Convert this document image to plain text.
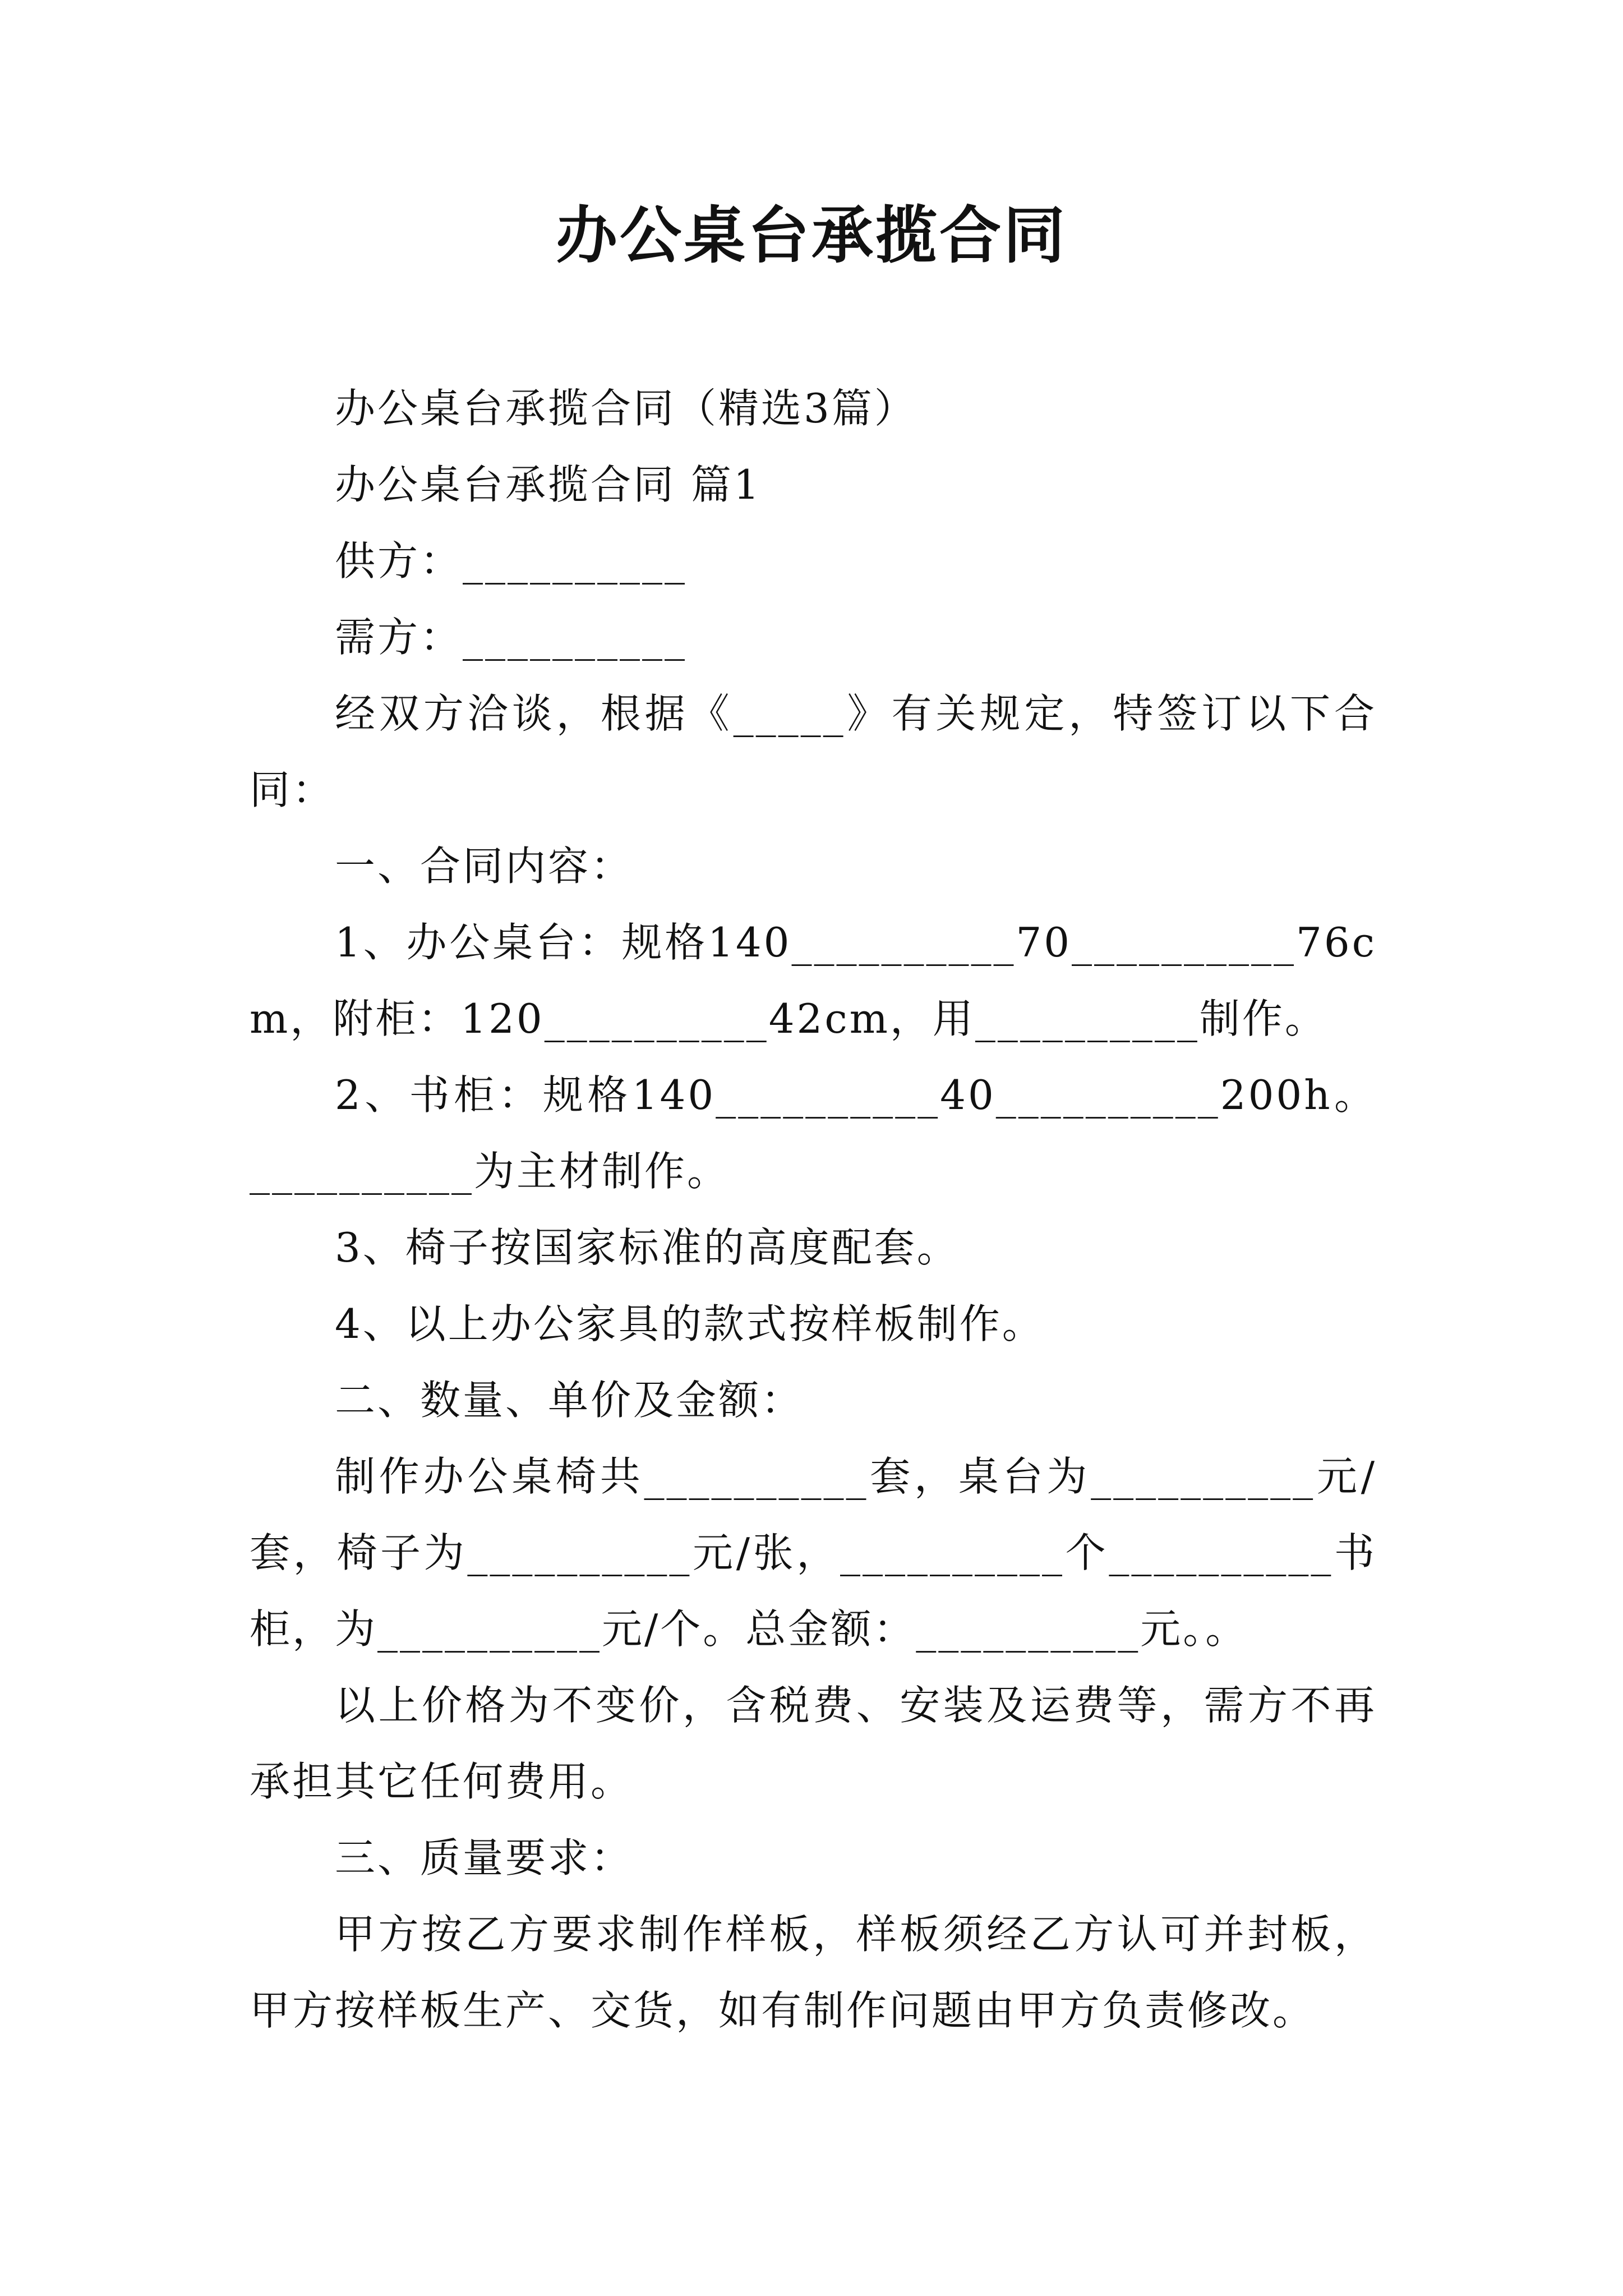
办公桌台承揽合同

办公桌台承揽合同（精选3篇）

办公桌台承揽合同 篇1

供方：__________

需方：__________

经双方洽谈，根据《_____》有关规定，特签订以下合同：

一、合同内容：

1、办公桌台：规格140__________70__________76cm，附柜：120__________42cm，用__________制作。

2、书柜：规格140__________40__________200h。__________为主材制作。

3、椅子按国家标准的高度配套。

4、以上办公家具的款式按样板制作。

二、数量、单价及金额：

制作办公桌椅共__________套，桌台为__________元/套，椅子为__________元/张，__________个__________书柜，为__________元/个。总金额：__________元。。

以上价格为不变价，含税费、安装及运费等，需方不再承担其它任何费用。

三、质量要求：

甲方按乙方要求制作样板，样板须经乙方认可并封板，甲方按样板生产、交货，如有制作问题由甲方负责修改。
